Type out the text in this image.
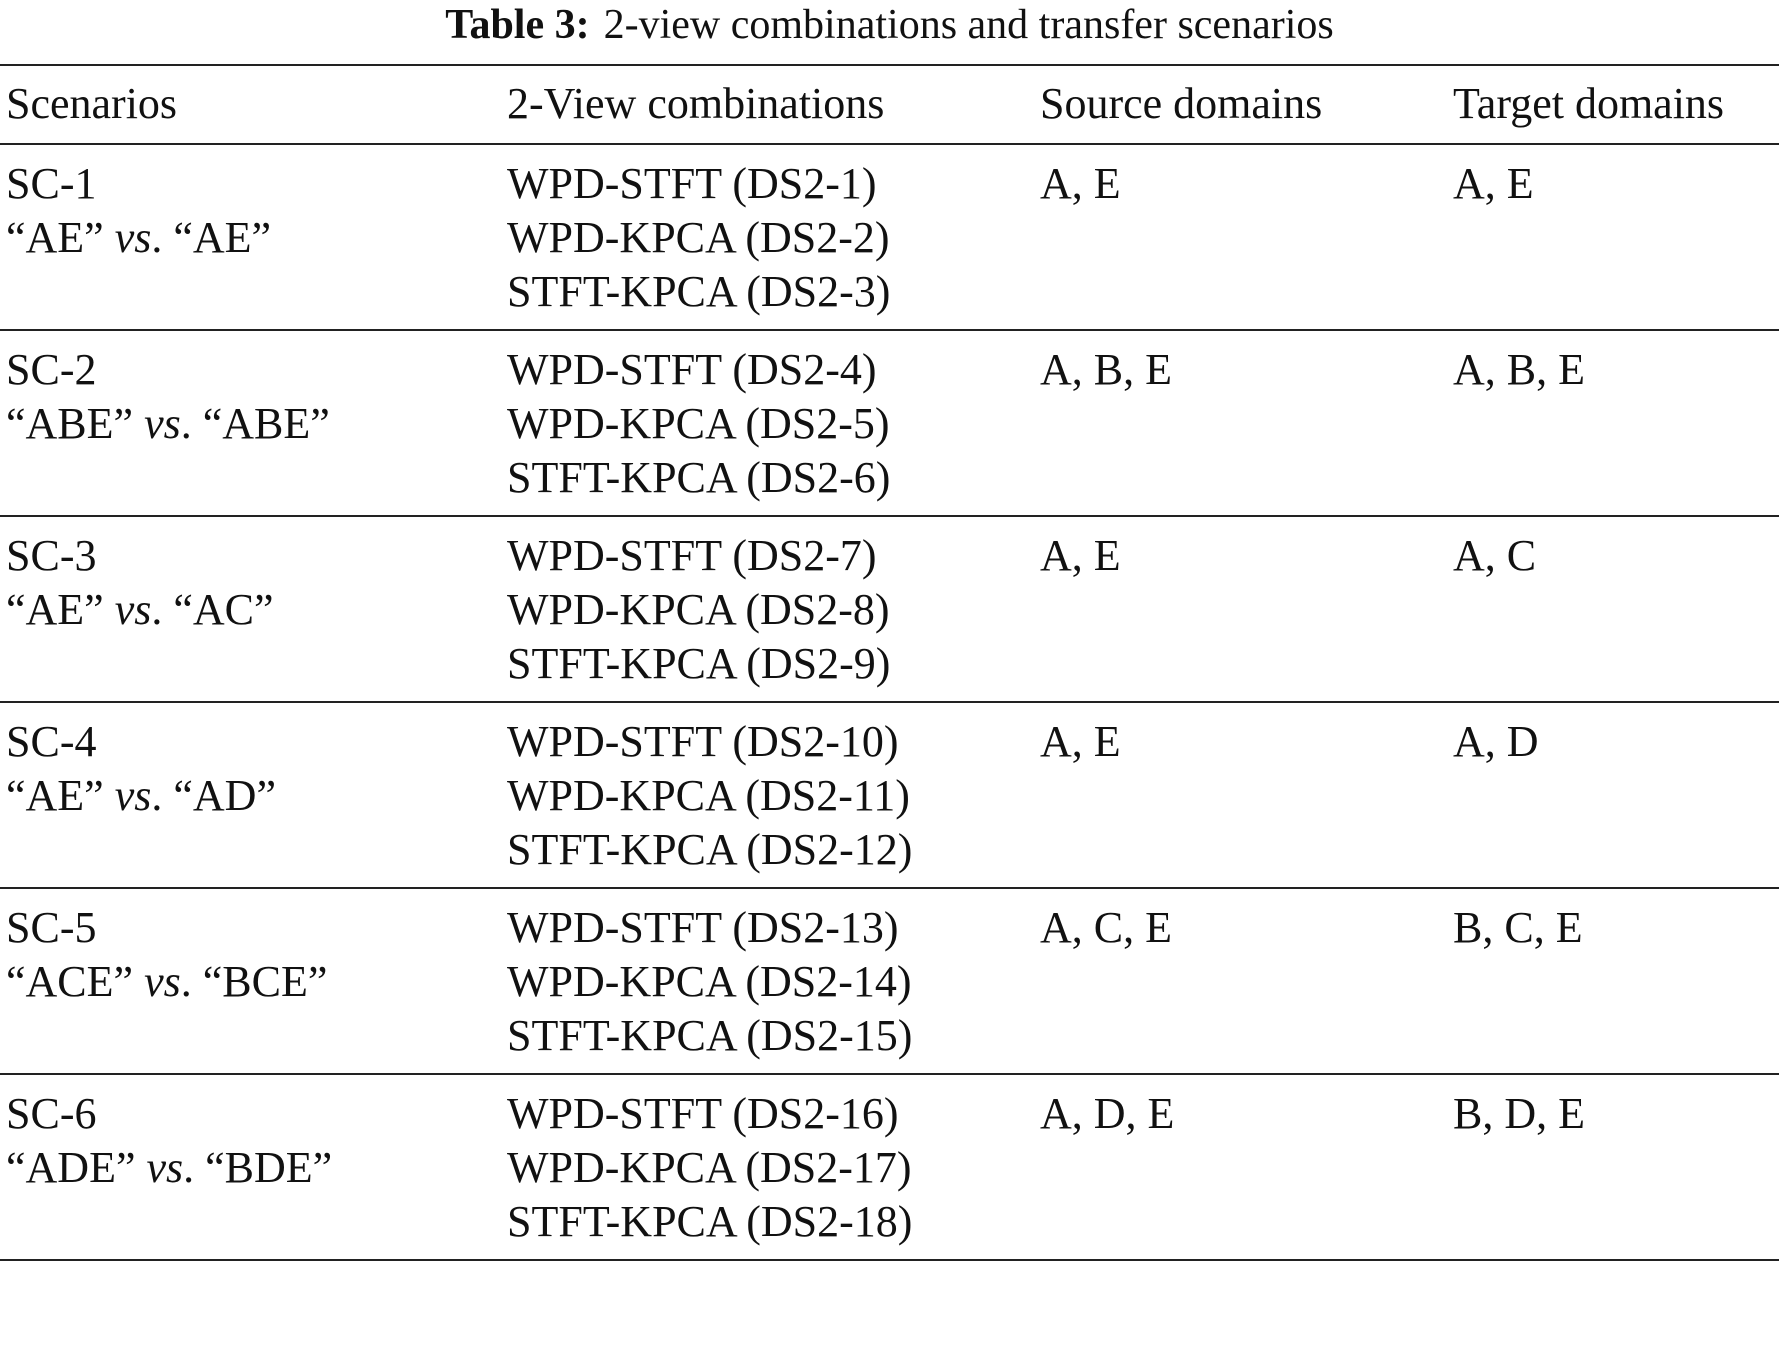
Table 3: 2-view combinations and transfer scenarios
Scenarios	2-View combinations	Source domains	Target domains

SC-1
“AE” vs. “AE”	WPD-STFT (DS2-1)
WPD-KPCA (DS2-2)
STFT-KPCA (DS2-3)	A, E	A, E

SC-2
“ABE” vs. “ABE”	WPD-STFT (DS2-4)
WPD-KPCA (DS2-5)
STFT-KPCA (DS2-6)	A, B, E	A, B, E

SC-3
“AE” vs. “AC”	WPD-STFT (DS2-7)
WPD-KPCA (DS2-8)
STFT-KPCA (DS2-9)	A, E	A, C

SC-4
“AE” vs. “AD”	WPD-STFT (DS2-10)
WPD-KPCA (DS2-11)
STFT-KPCA (DS2-12)	A, E	A, D

SC-5
“ACE” vs. “BCE”	WPD-STFT (DS2-13)
WPD-KPCA (DS2-14)
STFT-KPCA (DS2-15)	A, C, E	B, C, E

SC-6
“ADE” vs. “BDE”	WPD-STFT (DS2-16)
WPD-KPCA (DS2-17)
STFT-KPCA (DS2-18)	A, D, E	B, D, E
